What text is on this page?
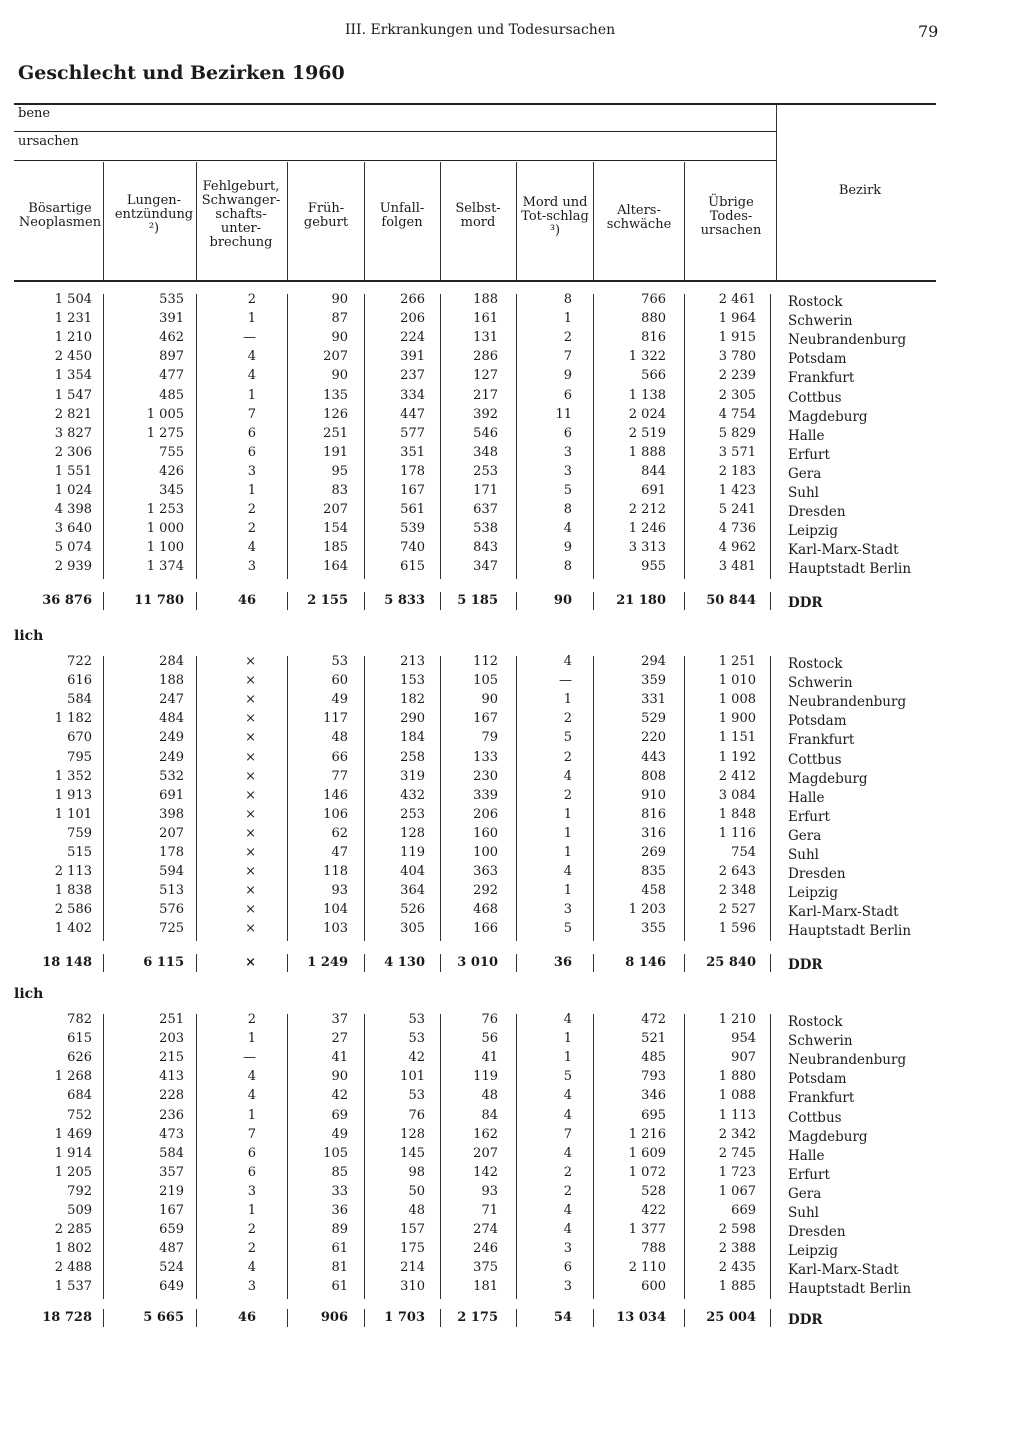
III. Erkrankungen und Todesursachen	79
Geschlecht und Bezirken 1960
bene
ursachen
Bösartige Neoplasmen
Lungen-​entzündung ²)
Fehlgeburt, Schwanger-​schafts-​unter-​brechung
Früh-​geburt
Unfall-​folgen
Selbst-​mord
Mord und Tot-​schlag ³)
Alters-​schwäche
Übrige Todes-​ursachen
Bezirk
1 504	535	2	90	266	188	8	766	2 461 Rostock
1 231	391	1	87	206	161	1	880	1 964 Schwerin
1 210	462	—	90	224	131	2	816	1 915 Neubrandenburg
2 450	897	4	207	391	286	7	1 322	3 780 Potsdam
1 354	477	4	90	237	127	9	566	2 239 Frankfurt
1 547	485	1	135	334	217	6	1 138	2 305 Cottbus
2 821	1 005	7	126	447	392	11	2 024	4 754 Magdeburg
3 827	1 275	6	251	577	546	6	2 519	5 829 Halle
2 306	755	6	191	351	348	3	1 888	3 571 Erfurt
1 551	426	3	95	178	253	3	844	2 183 Gera
1 024	345	1	83	167	171	5	691	1 423 Suhl
4 398	1 253	2	207	561	637	8	2 212	5 241 Dresden
3 640	1 000	2	154	539	538	4	1 246	4 736 Leipzig
5 074	1 100	4	185	740	843	9	3 313	4 962 Karl-Marx-Stadt
2 939	1 374	3	164	615	347	8	955	3 481 Hauptstadt Berlin
36 876	11 780	46	2 155	5 833	5 185	90	21 180	50 844 DDR
lich
722	284	×	53	213	112	4	294	1 251 Rostock
616	188	×	60	153	105	—	359	1 010 Schwerin
584	247	×	49	182	90	1	331	1 008 Neubrandenburg
1 182	484	×	117	290	167	2	529	1 900 Potsdam
670	249	×	48	184	79	5	220	1 151 Frankfurt
795	249	×	66	258	133	2	443	1 192 Cottbus
1 352	532	×	77	319	230	4	808	2 412 Magdeburg
1 913	691	×	146	432	339	2	910	3 084 Halle
1 101	398	×	106	253	206	1	816	1 848 Erfurt
759	207	×	62	128	160	1	316	1 116 Gera
515	178	×	47	119	100	1	269	754 Suhl
2 113	594	×	118	404	363	4	835	2 643 Dresden
1 838	513	×	93	364	292	1	458	2 348 Leipzig
2 586	576	×	104	526	468	3	1 203	2 527 Karl-Marx-Stadt
1 402	725	×	103	305	166	5	355	1 596 Hauptstadt Berlin
18 148	6 115	×	1 249	4 130	3 010	36	8 146	25 840 DDR
lich
782	251	2	37	53	76	4	472	1 210 Rostock
615	203	1	27	53	56	1	521	954 Schwerin
626	215	—	41	42	41	1	485	907 Neubrandenburg
1 268	413	4	90	101	119	5	793	1 880 Potsdam
684	228	4	42	53	48	4	346	1 088 Frankfurt
752	236	1	69	76	84	4	695	1 113 Cottbus
1 469	473	7	49	128	162	7	1 216	2 342 Magdeburg
1 914	584	6	105	145	207	4	1 609	2 745 Halle
1 205	357	6	85	98	142	2	1 072	1 723 Erfurt
792	219	3	33	50	93	2	528	1 067 Gera
509	167	1	36	48	71	4	422	669 Suhl
2 285	659	2	89	157	274	4	1 377	2 598 Dresden
1 802	487	2	61	175	246	3	788	2 388 Leipzig
2 488	524	4	81	214	375	6	2 110	2 435 Karl-Marx-Stadt
1 537	649	3	61	310	181	3	600	1 885 Hauptstadt Berlin
18 728	5 665	46	906	1 703	2 175	54	13 034	25 004 DDR
